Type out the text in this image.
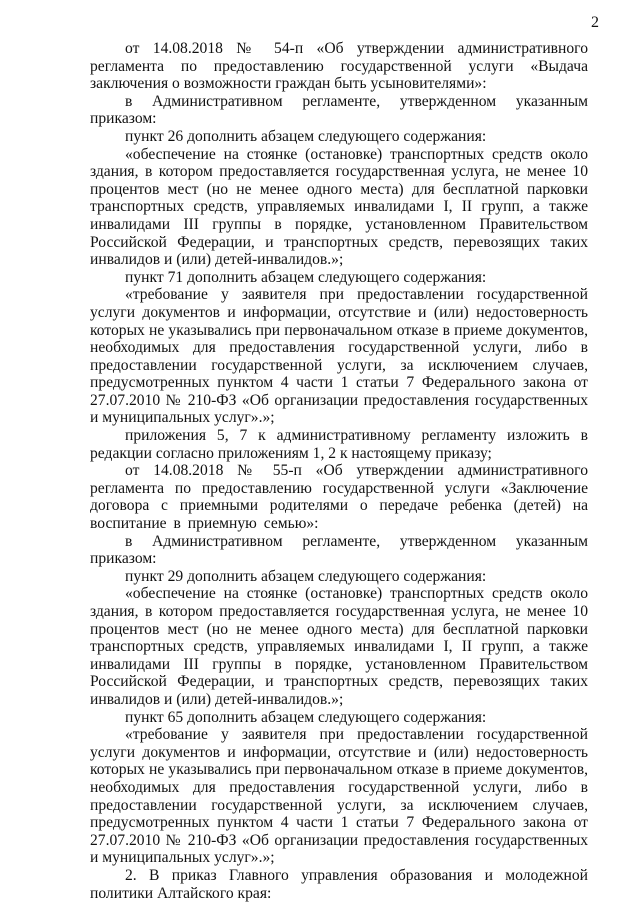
2

от 14.08.2018 № 54-п «Об утверждении административного регламента по предоставлению государственной услуги «Выдача заключения о возможности граждан быть усыновителями»:

в Административном регламенте, утвержденном указанным приказом:

пункт 26 дополнить абзацем следующего содержания:

«обеспечение на стоянке (остановке) транспортных средств около здания, в котором предоставляется государственная услуга, не менее 10 процентов мест (но не менее одного места) для бесплатной парковки транспортных средств, управляемых инвалидами I, II групп, а также инвалидами III группы в порядке, установленном Правительством Российской Федерации, и транспортных средств, перевозящих таких инвалидов и (или) детей-инвалидов.»;

пункт 71 дополнить абзацем следующего содержания:

«требование у заявителя при предоставлении государственной услуги документов и информации, отсутствие и (или) недостоверность которых не указывались при первоначальном отказе в приеме документов, необходимых для предоставления государственной услуги, либо в предоставлении государственной услуги, за исключением случаев, предусмотренных пунктом 4 части 1 статьи 7 Федерального закона от 27.07.2010 № 210-ФЗ «Об организации предоставления государственных и муниципальных услуг».»;

приложения 5, 7 к административному регламенту изложить в редакции согласно приложениям 1, 2 к настоящему приказу;

от 14.08.2018 № 55-п «Об утверждении административного регламента по предоставлению государственной услуги «Заключение договора с приемными родителями о передаче ребенка (детей) на воспитание в приемную семью»:

в Административном регламенте, утвержденном указанным приказом:

пункт 29 дополнить абзацем следующего содержания:

«обеспечение на стоянке (остановке) транспортных средств около здания, в котором предоставляется государственная услуга, не менее 10 процентов мест (но не менее одного места) для бесплатной парковки транспортных средств, управляемых инвалидами I, II групп, а также инвалидами III группы в порядке, установленном Правительством Российской Федерации, и транспортных средств, перевозящих таких инвалидов и (или) детей-инвалидов.»;

пункт 65 дополнить абзацем следующего содержания:

«требование у заявителя при предоставлении государственной услуги документов и информации, отсутствие и (или) недостоверность которых не указывались при первоначальном отказе в приеме документов, необходимых для предоставления государственной услуги, либо в предоставлении государственной услуги, за исключением случаев, предусмотренных пунктом 4 части 1 статьи 7 Федерального закона от 27.07.2010 № 210-ФЗ «Об организации предоставления государственных и муниципальных услуг».»;

2. В приказ Главного управления образования и молодежной политики Алтайского края:
